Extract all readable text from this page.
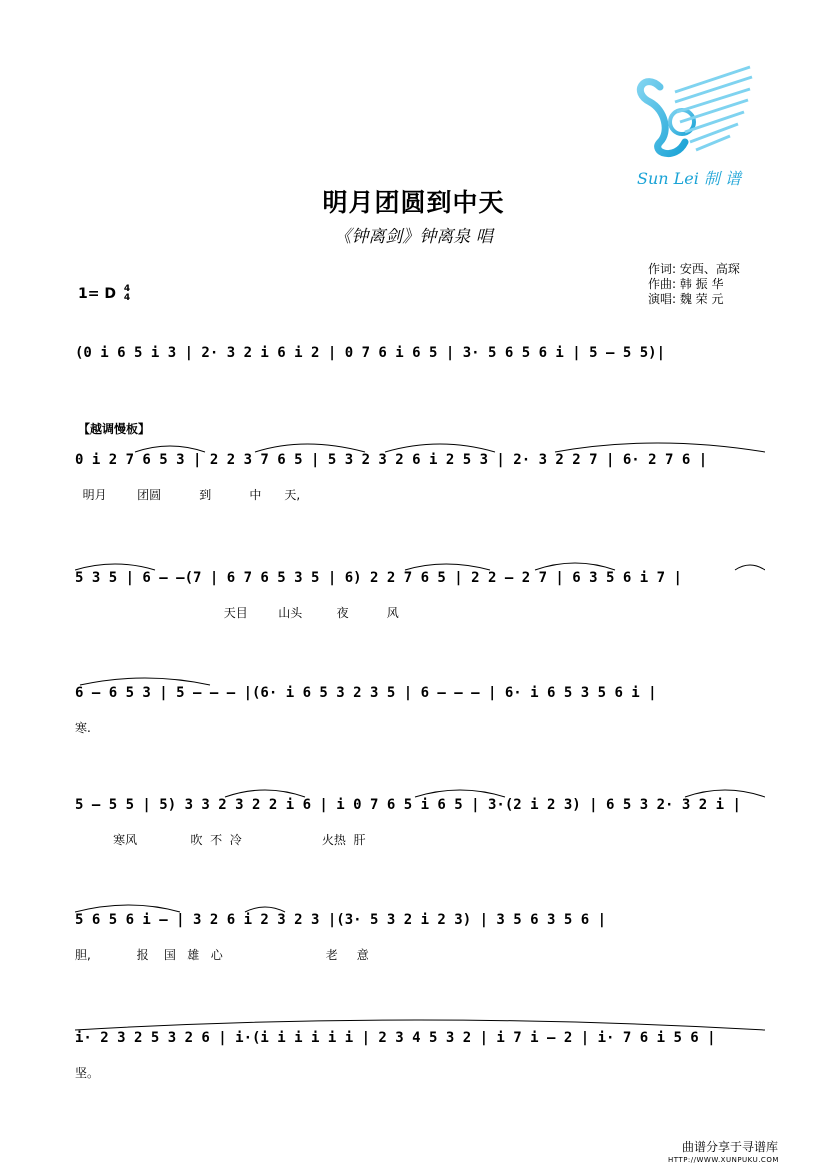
Sun Lei 制 谱
明月团圆到中天
《钟离剑》钟离泉 唱
作词: 安西、高琛
作曲: 韩 振 华
演唱: 魏 荣 元
1= D 4
4
【越调慢板】
(0 i 6 5 i 3 | 2· 3 2 i 6 i 2 | 0 7 6 i 6 5 | 3· 5 6 5 6 i | 5 — 5 5)|
0 i 2 7 6 5 3 | 2 2 3 7 6 5 | 5 3 2 3 2 6 i 2 5 3 | 2· 3 2 2 7 | 6· 2 7 6 |
明月        团圆          到          中      天,
5 3 5 | 6 — —(7 | 6 7 6 5 3 5 | 6) 2 2 7 6 5 | 2 2 — 2 7 | 6 3 5 6 i 7 |
天目        山头         夜          风
6 — 6 5 3 | 5 — — — |(6· i 6 5 3 2 3 5 | 6 — — — | 6· i 6 5 3 5 6 i |
寒.
5 — 5 5 | 5) 3 3 2 3 2 2 i 6 | i 0 7 6 5 i 6 5 | 3·(2 i 2 3) | 6 5 3 2· 3 2 i |
寒风              吹  不  冷                     火热  肝
5 6 5 6 i — | 3 2 6 i 2 3 2 3 |(3· 5 3 2 i 2 3) | 3 5 6 3 5 6 |
胆,            报    国   雄   心                           老     意
i· 2 3 2 5 3 2 6 | i·(i i i i i i | 2 3 4 5 3 2 | i 7 i — 2 | i· 7 6 i 5 6 |
坚。
曲谱分享于寻谱库
HTTP://WWW.XUNPUKU.COM
